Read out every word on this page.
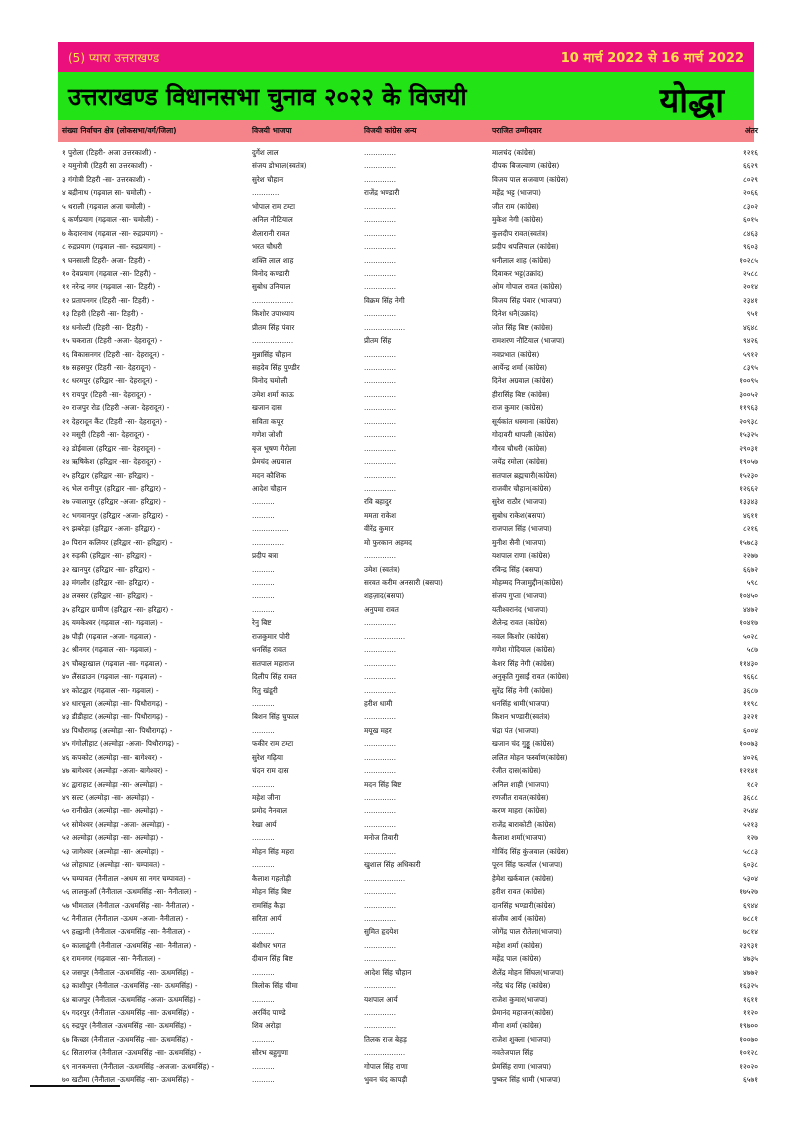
(5) प्यारा उत्तराखण्ड	10 मार्च 2022 से 16 मार्च 2022
उत्तराखण्ड विधानसभा चुनाव २०२२ के विजयी	योद्धा
संख्या निर्वाचन क्षेत्र (लोकसभा/वर्ग/जिला)	विजयी भाजपा	विजयी कांग्रेस अन्य	पराजित उम्मीदवार	अंतर
१ पुरोला (टिहरी- अजा उत्तरकाशी) -	दुर्गेश लाल	..............	मालचंद (कांग्रेस)	१२१६
२ यमुनोत्री (टिहरी सा उत्तरकाशी) -	संजय डोभाल(स्वतंत्र)	..............	दीपक बिजल्वाण (कांग्रेस)	६६२९
३ गंगोत्री टिहरी -सा- उत्तरकाशी) -	सुरेश चौहान	..............	विजय पाल सजवाण (कांग्रेस)	८०२९
४ बद्रीनाथ (गढ़वाल सा- चमोली) -	............	राजेंद्र भण्डारी	महेंद्र भट्ट (भाजपा)	२०६६
५ थराली (गढ़वाल अजा चमोली) -	भोपाल राम टम्टा	..............	जीत राम (कांग्रेस)	८३०२
६ कर्णप्रयाग (गढ़वाल -सा- चमोली) -	अनिल नौटियाल	..............	मुकेश नेगी (कांग्रेस)	६०१५
७ केदारनाथ (गढ़वाल -सा- रुद्रप्रयाग) -	शैलारानी रावत	..............	कुलदीप रावत(स्वतंत्र)	८४६३
८ रुद्रप्रयाग (गढ़वाल -सा- रुद्रप्रयाग) -	भरत चौधरी	..............	प्रदीप थपलियाल (कांग्रेस)	९६०३
९ घनसाली टिहरी- अजा- टिहरी) -	शक्ति लाल शाह	..............	धनीलाल शाह (कांग्रेस)	१०२८५
१० देवप्रयाग (गढ़वाल -सा- टिहरी) -	विनोद कण्डारी	..............	दिवाकर भट्ट(उक्रांद)	२५८८
११ नरेन्द्र नगर (गढ़वाल -सा- टिहरी) -	सुबोध उनियाल	..............	ओम गोपाल रावत (कांग्रेस)	२०१४
१२ प्रतापनगर (टिहरी -सा- टिहरी) -	..................	विक्रम सिंह नेगी	विजय सिंह पंवार (भाजपा)	२३४१
१३ टिहरी (टिहरी -सा- टिहरी) -	किशोर उपाध्याय	..............	दिनेश धनै(उक्रांद)	९५१
१४ धनोल्टी (टिहरी -सा- टिहरी) -	प्रीतम सिंह पंवार	..................	जोत सिंह बिष्ट (कांग्रेस)	४६४८
१५ चकराता (टिहरी -अजा- देहरादून) -	..................	प्रीतम सिंह	रामशरण नौटियाल (भाजपा)	९४२६
१६ विकासनगर (टिहरी -सा- देहरादून) -	मुन्नासिंह चौहान	..............	नवप्रभात (कांग्रेस)	५९१२
१७ सहसपुर (टिहरी -सा- देहरादून) -	सहदेव सिंह पुण्डीर	..............	आर्येन्द्र शर्मा (कांग्रेस)	८३९५
१८ धरमपुर (हरिद्वार -सा- देहरादून) -	विनोद चमोली	..............	दिनेश अग्रवाल (कांग्रेस)	१००९५
१९ रायपुर (टिहरी -सा- देहरादून) -	उमेश शर्मा काऊ	..............	हीरासिंह बिष्ट (कांग्रेस)	३००५२
२० राजपुर रोड (टिहरी -अजा- देहरादून) -	खजान दास	..............	राज कुमार (कांग्रेस)	११९६३
२१ देहरादून कैंट (टिहरी -सा- देहरादून) -	सविता कपूर	..............	सूर्यकांत धस्माना (कांग्रेस)	२०९३८
२२ मसूरी (टिहरी -सा- देहरादून) -	गणेश जोशी	..............	गोदावरी थापली (कांग्रेस)	१५३२५
२३ डोईवाला (हरिद्वार -सा- देहरादून) -	बृज भूषण गैरोला	..............	गौरव चौधरी (कांग्रेस)	२९०३१
२४ ऋषिकेश (हरिद्वार -सा- देहरादून) -	प्रेमचंद अग्रवाल	..............	जयेंद्र रमोला (कांग्रेस)	१९०५७
२५ हरिद्वार (हरिद्वार -सा- हरिद्वार) -	मदन कौशिक	..............	सतपाल ब्रह्मचारी(कांग्रेस)	१५२३०
२६ भेल रानीपुर (हरिद्वार -सा- हरिद्वार) -	आदेश चौहान	..............	राजवीर चौहान(कांग्रेस)	१२६६२
२७ ज्वालापुर (हरिद्वार -अजा- हरिद्वार) -	..........	रवि बहादुर	सुरेश राठौर (भाजपा)	१३३४३
२८ भगवानपुर (हरिद्वार -अजा- हरिद्वार) -	..........	ममता राकेश	सुबोध राकेश(बसपा)	४६११
२९ झबरेड़ा (हरिद्वार -अजा- हरिद्वार) -	................	वीरेंद्र कुमार	राजपाल सिंह (भाजपा)	८२१६
३० पिरान कलियर (हरिद्वार -सा- हरिद्वार) -	..............	मो फुरकान अहमद	मुनीश सैनी (भाजपा)	१५७८३
३१ रुड़की (हरिद्वार -सा- हरिद्वार) -	प्रदीप बत्रा	..............	यशपाल राणा (कांग्रेस)	२२७७
३२ खानपुर (हरिद्वार -सा- हरिद्वार) -	..........	उमेश (स्वतंत्र)	रविन्द्र सिंह (बसपा)	६६७२
३३ मंगलौर (हरिद्वार -सा- हरिद्वार) -	..........	सरवत करीम अनसारी (बसपा)	मोहम्मद निजामुद्दीन(कांग्रेस)	५९८
३४ लक्सर (हरिद्वार -सा- हरिद्वार) -	..........	शहज़ाद(बसपा)	संजय गुप्ता (भाजपा)	१०४५०
३५ हरिद्वार ग्रामीण (हरिद्वार -सा- हरिद्वार) -	..........	अनुपमा रावत	यतीश्वरानंद (भाजपा)	४४७२
३६ यमकेश्वर (गढ़वाल -सा- गढ़वाल) -	रेनु बिष्ट	..............	शैलेन्द्र रावत (कांग्रेस)	१०४१७
३७ पौड़ी (गढ़वाल -अजा- गढ़वाल) -	राजकुमार पोरी	..................	नवल किशोर (कांग्रेस)	५०२८
३८ श्रीनगर (गढ़वाल -सा- गढ़वाल) -	धनसिंह रावत	..............	गणेश गोदियाल (कांग्रेस)	५८७
३९ चौबट्टाखाल (गढ़वाल -सा- गढ़वाल) -	सतपाल महाराज	..............	केशर सिंह नेगी (कांग्रेस)	११४३०
४० लैंसडाउन (गढ़वाल -सा- गढ़वाल) -	दिलीप सिंह रावत	..............	अनुकृति गुसाईं रावत (कांग्रेस)	९६६८
४१ कोटद्वार (गढ़वाल -सा- गढ़वाल) -	रितु खंडूरी	..............	सुरेंद्र सिंह नेगी (कांग्रेस)	३६८७
४२ धारचूला (अल्मोड़ा -सा- पिथौरागढ़) -	..........	हरीश धामी	धनसिंह धामी(भाजपा)	११९८
४३ डीडीहाट (अल्मोड़ा -सा- पिथौरागढ़) -	बिशन सिंह चुफाल	..............	किशन भण्डारी(स्वतंत्र)	३२२१
४४ पिथौरागढ़ (अल्मोड़ा -सा- पिथौरागढ़) -	..........	मयूख महर	चंद्रा पंत (भाजपा)	६००४
४५ गंगोलीहाट (अल्मोड़ा -अजा- पिथौरागढ़) -	फकीर राम टम्टा	..............	खजान चंद गुड्डू (कांग्रेस)	१००७३
४६ कपकोट (अल्मोड़ा -सा- बागेश्वर) -	सुरेश गढ़िया	..............	ललित मोहन फर्स्वाण(कांग्रेस)	४०२६
४७ बागेश्वर (अल्मोड़ा -अजा- बागेश्वर) -	चंदन राम दास	..............	रंजीत दास(कांग्रेस)	१२१४१
४८ द्वाराहाट (अल्मोड़ा -सा- अल्मोड़ा) -	..........	मदन सिंह बिष्ट	अनिल शाही (भाजपा)	१८२
४९ सल्ट (अल्मोड़ा -सा- अल्मोड़ा) -	महेश जीना	..............	रणजीत रावत(कांग्रेस)	३६८८
५० रानीखेत (अल्मोड़ा -सा- अल्मोड़ा) -	प्रमोद नैनवाल	..............	करण माहरा (कांग्रेस)	२५४४
५१ सोमेश्वर (अल्मोड़ा -अजा- अल्मोड़ा) -	रेखा आर्य	..............	राजेंद्र बाराकोटी (कांग्रेस)	५२१३
५२ अल्मोड़ा (अल्मोड़ा -सा- अल्मोड़ा) -	..........	मनोज तिवारी	कैलाश शर्मा(भाजपा)	१२७
५३ जागेश्वर (अल्मोड़ा -सा- अल्मोड़ा) -	मोहन सिंह महरा	..............	गोविंद सिंह कुंजवाल (कांग्रेस)	५८८३
५४ लोहाघाट (अल्मोड़ा -सा- चम्पावत) -	..........	खुशाल सिंह अधिकारी	पूरन सिंह फर्त्याल (भाजपा)	६०३८
५५ चम्पावत (नैनीताल -अधम सा नगर चम्पावत) -	कैलाश गहतोड़ी	..................	हेमेश खर्कवाल (कांग्रेस)	५३०४
५६ लालकुआँ (नैनीताल -ऊधमसिंह -सा- नैनीताल) -	मोहन सिंह बिष्ट	..............	हरीश रावत (कांग्रेस)	१७५२७
५७ भीमताल (नैनीताल -ऊधमसिंह -सा- नैनीताल) -	रामसिंह कैड़ा	..............	दानसिंह भण्डारी(कांग्रेस)	६९४४
५८ नैनीताल (नैनीताल -ऊधम -अजा- नैनीताल) -	सरिता आर्य	..............	संजीव आर्य (कांग्रेस)	७८८१
५९ हल्द्वानी (नैनीताल -ऊधमसिंह -सा- नैनीताल) -	..........	सुमित हृदयेश	जोगेंद्र पाल रौतेला(भाजपा)	७८१४
६० कालाढूंगी (नैनीताल -ऊधमसिंह -सा- नैनीताल) -	बंशीधर भगत	..............	महेश शर्मा (कांग्रेस)	२३९३१
६१ रामनगर (गढ़वाल -सा- नैनीताल) -	दीवान सिंह बिष्ट	..............	महेंद्र पाल (कांग्रेस)	४७३५
६२ जसपुर (नैनीताल -ऊधमसिंह -सा- ऊधमसिंह) -	..........	आदेश सिंह चौहान	शैलेंद्र मोहन सिंघल(भाजपा)	४७७२
६३ काशीपुर (नैनीताल -ऊधमसिंह -सा- ऊधमसिंह) -	त्रिलोक सिंह चीमा	..............	नरेंद्र चंद सिंह (कांग्रेस)	१६३२५
६४ बाजपुर (नैनीताल -ऊधमसिंह -अजा- ऊधमसिंह) -	..........	यशपाल आर्य	राजेश कुमार(भाजपा)	१६११
६५ गदरपुर (नैनीताल -ऊधमसिंह -सा- ऊधमसिंह) -	अरविंद पाण्डे	..............	प्रेमानंद महाजन(कांग्रेस)	११२०
६६ रुद्रपुर (नैनीताल -ऊधमसिंह -सा- ऊधमसिंह) -	शिव अरोड़ा	..............	मीना शर्मा (कांग्रेस)	१९७००
६७ किच्छा (नैनीताल -ऊधमसिंह -सा- ऊधमसिंह) -	..........	तिलक राज बेहड़	राजेश शुक्ला (भाजपा)	१००७०
६८ सितारगंज (नैनीताल -ऊधमसिंह -सा- ऊधमसिंह) -	सौरभ बहुगुणा	..................	नवतेजपाल सिंह	१०१२८
६९ नानकमत्ता (नैनीताल -ऊधमसिंह -अजजा- ऊधमसिंह) -	..........	गोपाल सिंह राणा	प्रेमसिंह राणा (भाजपा)	१२०२०
७० खटीमा (नैनीताल -ऊधमसिंह -सा- ऊधमसिंह) -	..........	भुवन चंद कापड़ी	पुष्कर सिंह धामी (भाजपा)	६५७१
